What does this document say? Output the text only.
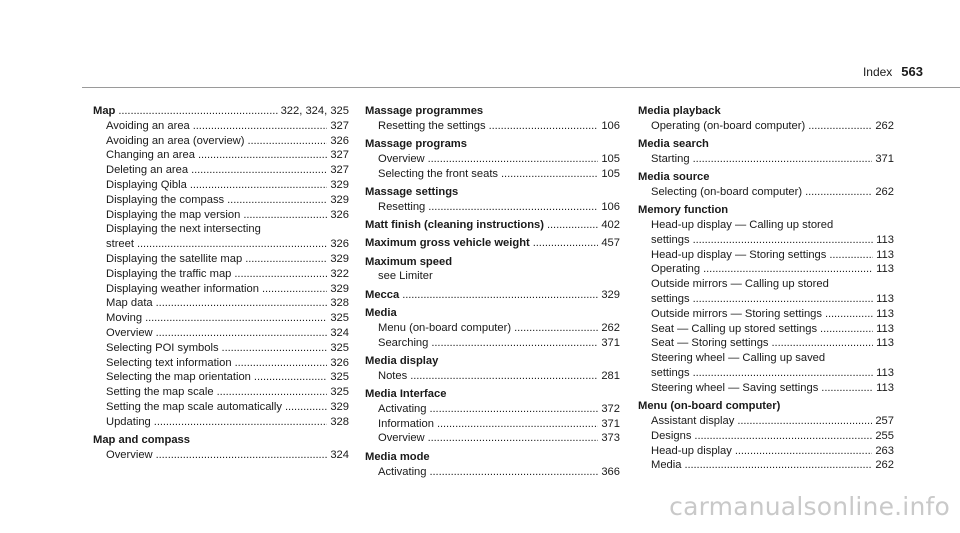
Index 563
Map . . .	322, 324, 325
Avoiding an area . . .	327
Avoiding an area (overview) . . .	326
Changing an area . . .	327
Deleting an area . . .	327
Displaying Qibla . . .	329
Displaying the compass . . .	329
Displaying the map version . . .	326
Displaying the next intersecting
street . . .	326
Displaying the satellite map . . .	329
Displaying the traffic map . . .	322
Displaying weather information . . .	329
Map data . . .	328
Moving . . .	325
Overview . . .	324
Selecting POI symbols . . .	325
Selecting text information . . .	326
Selecting the map orientation . . .	325
Setting the map scale . . .	325
Setting the map scale automatically . . .	329
Updating . . .	328
Map and compass
Overview . . .	324
Massage programmes
Resetting the settings . . .	106
Massage programs
Overview . . .	105
Selecting the front seats . . .	105
Massage settings
Resetting . . .	106
Matt finish (cleaning instructions) . . .	402
Maximum gross vehicle weight . . .	457
Maximum speed
see Limiter
Mecca . . .	329
Media
Menu (on-board computer) . . .	262
Searching . . .	371
Media display
Notes . . .	281
Media Interface
Activating . . .	372
Information . . .	371
Overview . . .	373
Media mode
Activating . . .	366
Media playback
Operating (on-board computer) . . .	262
Media search
Starting . . .	371
Media source
Selecting (on-board computer) . . .	262
Memory function
Head-up display — Calling up stored
settings . . .	113
Head-up display — Storing settings . . .	113
Operating . . .	113
Outside mirrors — Calling up stored
settings . . .	113
Outside mirrors — Storing settings . . .	113
Seat — Calling up stored settings . . .	113
Seat — Storing settings . . .	113
Steering wheel — Calling up saved
settings . . .	113
Steering wheel — Saving settings . . .	113
Menu (on-board computer)
Assistant display . . .	257
Designs . . .	255
Head-up display . . .	263
Media . . .	262
carmanualsonline.info
